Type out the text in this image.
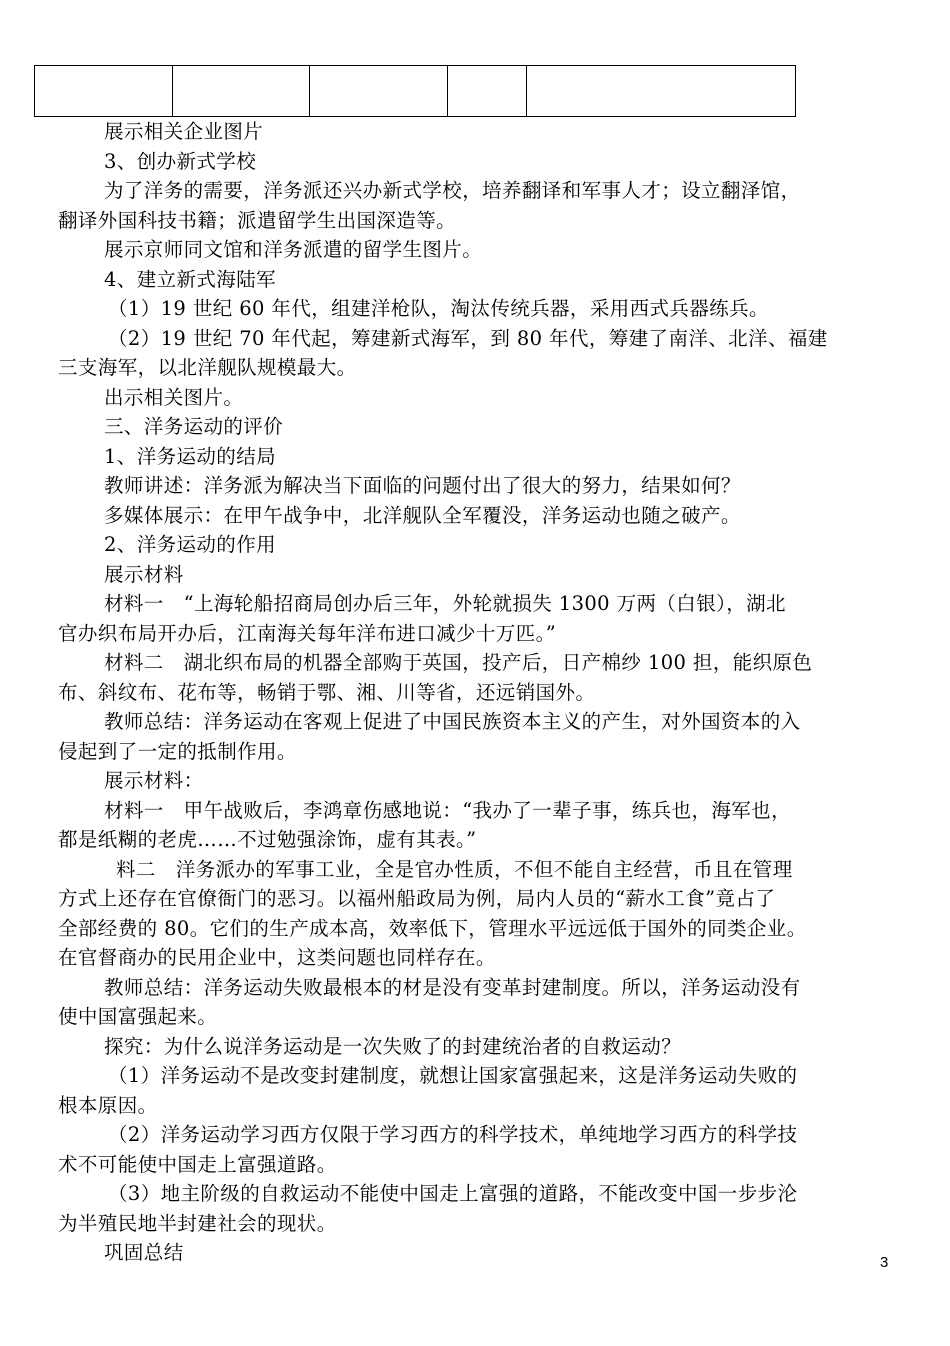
展示相关企业图片
3、创办新式学校
为了洋务的需要，洋务派还兴办新式学校，培养翻译和军事人才；设立翻泽馆，
翻译外国科技书籍；派遣留学生出国深造等。
展示京师同文馆和洋务派遣的留学生图片。
4、建立新式海陆军
（1）19 世纪 60 年代，组建洋枪队，淘汰传统兵器，采用西式兵器练兵。
（2）19 世纪 70 年代起，筹建新式海军，到 80 年代，筹建了南洋、北洋、福建
三支海军，以北洋舰队规模最大。
出示相关图片。
三、洋务运动的评价
1、洋务运动的结局
教师讲述：洋务派为解决当下面临的问题付出了很大的努力，结果如何？
多媒体展示：在甲午战争中，北洋舰队全军覆没，洋务运动也随之破产。
2、洋务运动的作用
展示材料
材料一　“上海轮船招商局创办后三年，外轮就损失 1300 万两（白银），湖北
官办织布局开办后，江南海关每年洋布进口减少十万匹。”
材料二　湖北织布局的机器全部购于英国，投产后，日产棉纱 100 担，能织原色
布、斜纹布、花布等，畅销于鄂、湘、川等省，还远销国外。
教师总结：洋务运动在客观上促进了中国民族资本主义的产生，对外国资本的入
侵起到了一定的抵制作用。
展示材料：
材料一　甲午战败后，李鸿章伤感地说：“我办了一辈子事，练兵也，海军也，
都是纸糊的老虎……不过勉强涂饰，虚有其表。”
料二　洋务派办的军事工业，全是官办性质，不但不能自主经营，币且在管理
方式上还存在官僚衙门的恶习。以福州船政局为例，局内人员的“薪水工食”竟占了
全部经费的 80。它们的生产成本高，效率低下，管理水平远远低于国外的同类企业。
在官督商办的民用企业中，这类问题也同样存在。
教师总结：洋务运动失败最根本的材是没有变革封建制度。所以，洋务运动没有
使中国富强起来。
探究：为什么说洋务运动是一次失败了的封建统治者的自救运动？
（1）洋务运动不是改变封建制度，就想让国家富强起来，这是洋务运动失败的
根本原因。
（2）洋务运动学习西方仅限于学习西方的科学技术，单纯地学习西方的科学技
术不可能使中国走上富强道路。
（3）地主阶级的自救运动不能使中国走上富强的道路，不能改变中国一步步沦
为半殖民地半封建社会的现状。
巩固总结	3
